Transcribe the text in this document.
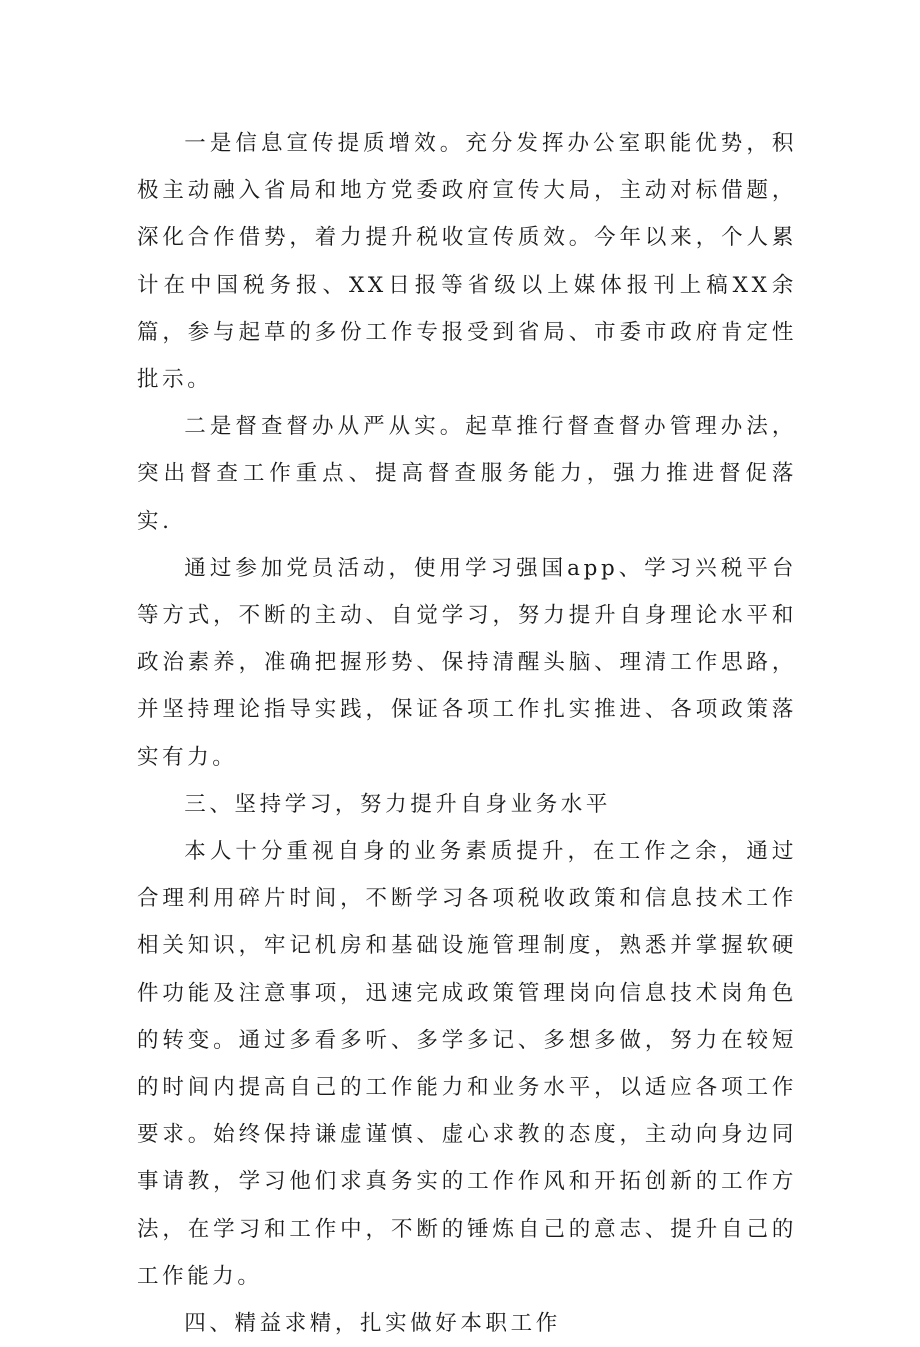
一是信息宣传提质增效。充分发挥办公室职能优势，积极主动融入省局和地方党委政府宣传大局，主动对标借题，深化合作借势，着力提升税收宣传质效。今年以来，个人累计在中国税务报、XX日报等省级以上媒体报刊上稿XX余篇，参与起草的多份工作专报受到省局、市委市政府肯定性批示。

二是督查督办从严从实。起草推行督查督办管理办法，突出督查工作重点、提高督查服务能力，强力推进督促落实.

通过参加党员活动，使用学习强国app、学习兴税平台等方式，不断的主动、自觉学习，努力提升自身理论水平和政治素养，准确把握形势、保持清醒头脑、理清工作思路，并坚持理论指导实践，保证各项工作扎实推进、各项政策落实有力。

三、坚持学习，努力提升自身业务水平

本人十分重视自身的业务素质提升，在工作之余，通过合理利用碎片时间，不断学习各项税收政策和信息技术工作相关知识，牢记机房和基础设施管理制度，熟悉并掌握软硬件功能及注意事项，迅速完成政策管理岗向信息技术岗角色的转变。通过多看多听、多学多记、多想多做，努力在较短的时间内提高自己的工作能力和业务水平，以适应各项工作要求。始终保持谦虚谨慎、虚心求教的态度，主动向身边同事请教，学习他们求真务实的工作作风和开拓创新的工作方法，在学习和工作中，不断的锤炼自己的意志、提升自己的工作能力。

四、精益求精，扎实做好本职工作
